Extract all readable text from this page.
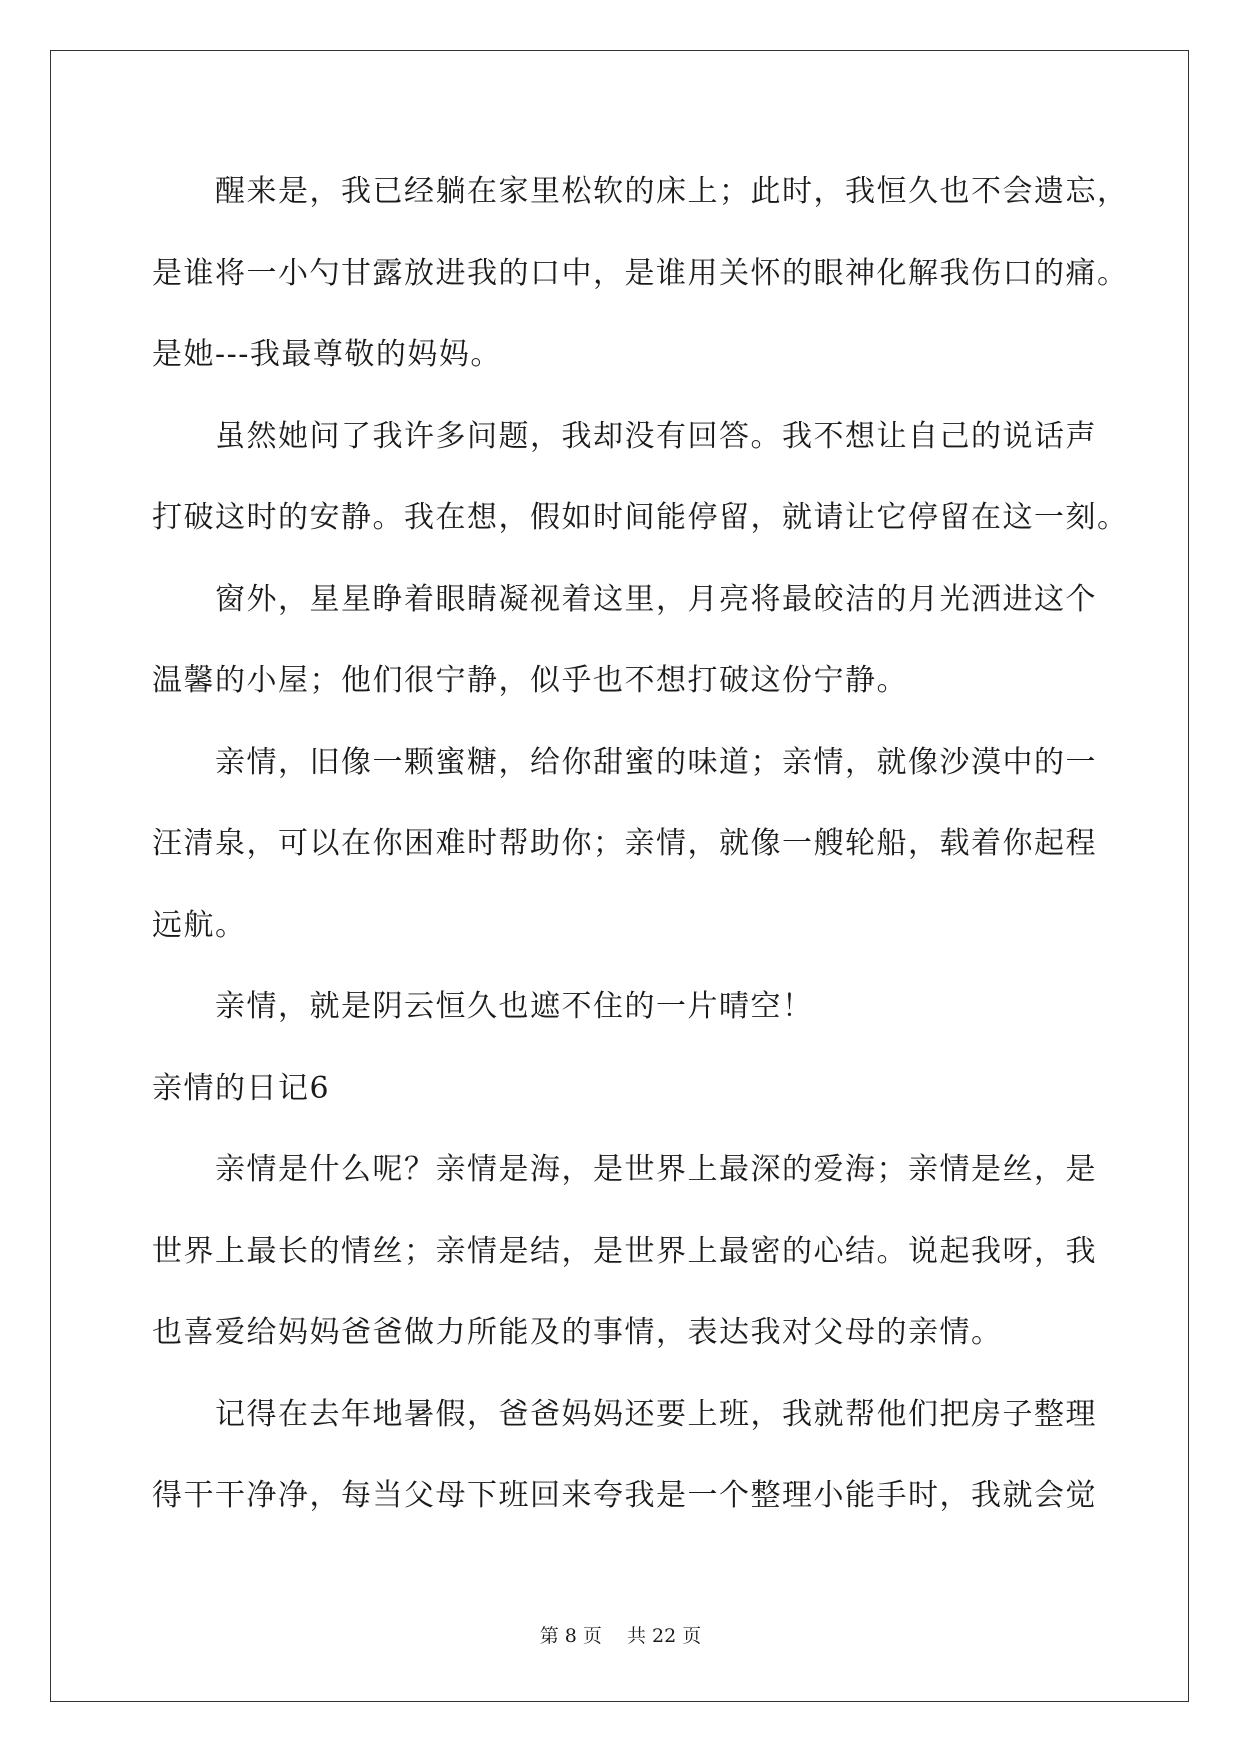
醒来是，我已经躺在家里松软的床上；此时，我恒久也不会遗忘，
是谁将一小勺甘露放进我的口中，是谁用关怀的眼神化解我伤口的痛。
是她---我最尊敬的妈妈。
虽然她问了我许多问题，我却没有回答。我不想让自己的说话声
打破这时的安静。我在想，假如时间能停留，就请让它停留在这一刻。
窗外，星星睁着眼睛凝视着这里，月亮将最皎洁的月光洒进这个
温馨的小屋；他们很宁静，似乎也不想打破这份宁静。
亲情，旧像一颗蜜糖，给你甜蜜的味道；亲情，就像沙漠中的一
汪清泉，可以在你困难时帮助你；亲情，就像一艘轮船，载着你起程
远航。
亲情，就是阴云恒久也遮不住的一片晴空！
亲情的日记6
亲情是什么呢？亲情是海，是世界上最深的爱海；亲情是丝，是
世界上最长的情丝；亲情是结，是世界上最密的心结。说起我呀，我
也喜爱给妈妈爸爸做力所能及的事情，表达我对父母的亲情。
记得在去年地暑假，爸爸妈妈还要上班，我就帮他们把房子整理
得干干净净，每当父母下班回来夸我是一个整理小能手时，我就会觉
第 8 页　 共 22 页
